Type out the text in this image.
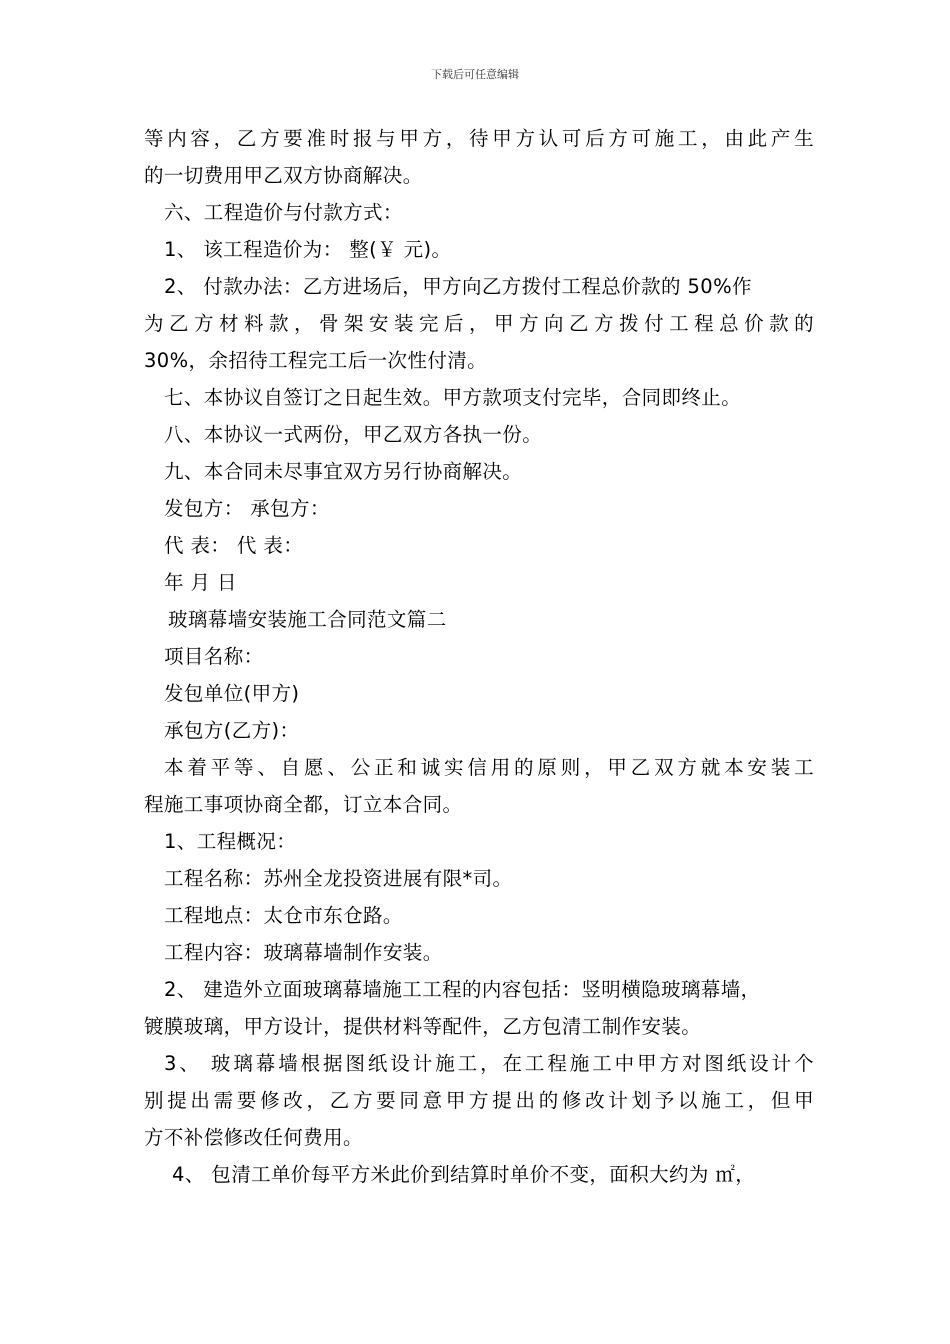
下载后可任意编辑

等内容，乙方要准时报与甲方，待甲方认可后方可施工，由此产生

的一切费用甲乙双方协商解决。

六、工程造价与付款方式：

1、 该工程造价为： 整(￥ 元)。

2、 付款办法：乙方进场后，甲方向乙方拨付工程总价款的 50%作

为乙方材料款，骨架安装完后，甲方向乙方拨付工程总价款的

30%，余招待工程完工后一次性付清。

七、本协议自签订之日起生效。甲方款项支付完毕，合同即终止。

八、本协议一式两份，甲乙双方各执一份。

九、本合同未尽事宜双方另行协商解决。

发包方： 承包方：

代 表： 代 表：

年 月 日

玻璃幕墙安装施工合同范文篇二

项目名称：

发包单位(甲方)

承包方(乙方)：

本着平等、自愿、公正和诚实信用的原则，甲乙双方就本安装工

程施工事项协商全都，订立本合同。

1、工程概况：

工程名称：苏州全龙投资进展有限*司。

工程地点：太仓市东仓路。

工程内容：玻璃幕墙制作安装。

2、 建造外立面玻璃幕墙施工工程的内容包括：竖明横隐玻璃幕墙，

镀膜玻璃，甲方设计，提供材料等配件，乙方包清工制作安装。

3、 玻璃幕墙根据图纸设计施工，在工程施工中甲方对图纸设计个

别提出需要修改，乙方要同意甲方提出的修改计划予以施工，但甲

方不补偿修改任何费用。

4、 包清工单价每平方米此价到结算时单价不变，面积大约为 ㎡，
